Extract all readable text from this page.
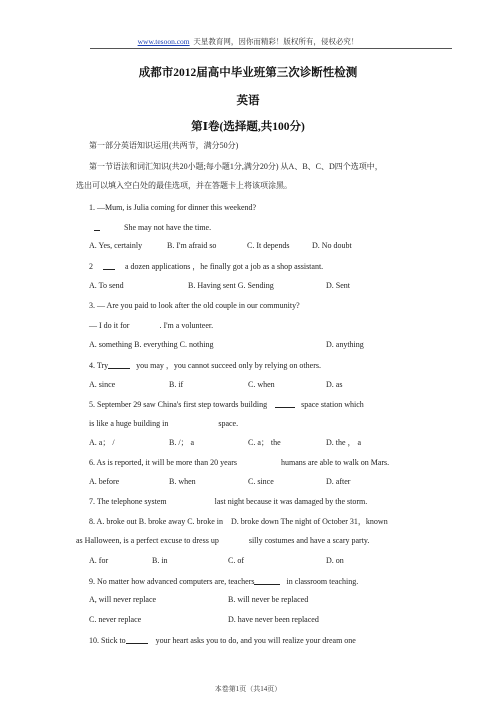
www.tesoon.com 天星教育网，因你而精彩！版权所有，侵权必究！
成都市2012届高中毕业班第三次诊断性检测
英语
第Ⅰ卷(选择题,共100分)
第一部分英语知识运用(共两节，满分50分)
第一节语法和词汇知识(共20小题;每小题1分,满分20分) 从A、B、C、D四个选项中，
选出可以填入空白处的最佳选项，并在答题卡上将该项涂黑。
1. —Mum, is Julia coming for dinner this weekend?
She may not have the time.
A. Yes, certainly	B. I'm afraid so	C. It depends	D. No doubt
2	a dozen applications ，he finally got a job as a shop assistant.
A. To send	B. Having sent G. Sending	D. Sent
3. — Are you paid to look after the old couple in our community?
— I do it for	. I'm a volunteer.
A. something B. everything C. nothing	D. anything
4. Try	you may ，you cannot succeed only by relying on others.
A. since	B. if	C. when	D. as
5. September 29 saw China's first step towards building	space station which
is like a huge building in	space.
A. a； /	B. /； a	C. a； the	D. the ， a
6. As is reported, it will be more than 20 years	humans are able to walk on Mars.
A. before	B. when	C. since	D. after
7. The telephone system	last night because it was damaged by the storm.
8. A. broke out B. broke away C. broke in D. broke down The night of October 31，known
as Halloween, is a perfect excuse to dress up	silly costumes and have a scary party.
A. for	B. in	C. of	D. on
9. No matter how advanced computers are, teachers	in classroom teaching.
A, will never replace	B. will never be replaced
C. never replace	D. have never been replaced
10. Stick to	your heart asks you to do, and you will realize your dream one
本卷第1页（共14页）
